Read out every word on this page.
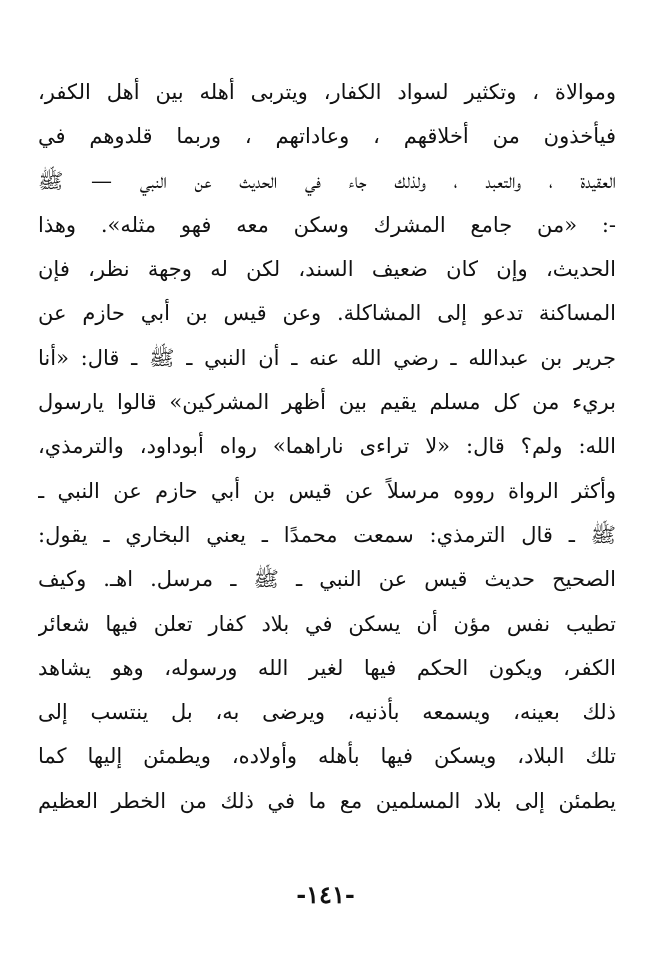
وموالاة ، وتكثير لسواد الكفار، ويتربى أهله بين أهل الكفر،
فيأخذون من أخلاقهم ، وعاداتهم ، وربما قلدوهم في
العقيدة ، والتعبد ، ولذلك جاء في الحديث عن النبي — ﷺ
-: «من جامع المشرك وسكن معه فهو مثله». وهذا
الحديث، وإن كان ضعيف السند، لكن له وجهة نظر، فإن
المساكنة تدعو إلى المشاكلة. وعن قيس بن أبي حازم عن
جرير بن عبدالله ـ رضي الله عنه ـ أن النبي ـ ﷺ ـ قال: «أنا
بريء من كل مسلم يقيم بين أظهر المشركين» قالوا يارسول
الله: ولم؟ قال: «لا تراءى ناراهما» رواه أبوداود، والترمذي،
وأكثر الرواة رووه مرسلاً عن قيس بن أبي حازم عن النبي ـ
ﷺ ـ قال الترمذي: سمعت محمدًا ـ يعني البخاري ـ يقول:
الصحيح حديث قيس عن النبي ـ ﷺ ـ مرسل. اهـ. وكيف
تطيب نفس مؤن أن يسكن في بلاد كفار تعلن فيها شعائر
الكفر، ويكون الحكم فيها لغير الله ورسوله، وهو يشاهد
ذلك بعينه، ويسمعه بأذنيه، ويرضى به، بل ينتسب إلى
تلك البلاد، ويسكن فيها بأهله وأولاده، ويطمئن إليها كما
يطمئن إلى بلاد المسلمين مع ما في ذلك من الخطر العظيم
-١٤١-
